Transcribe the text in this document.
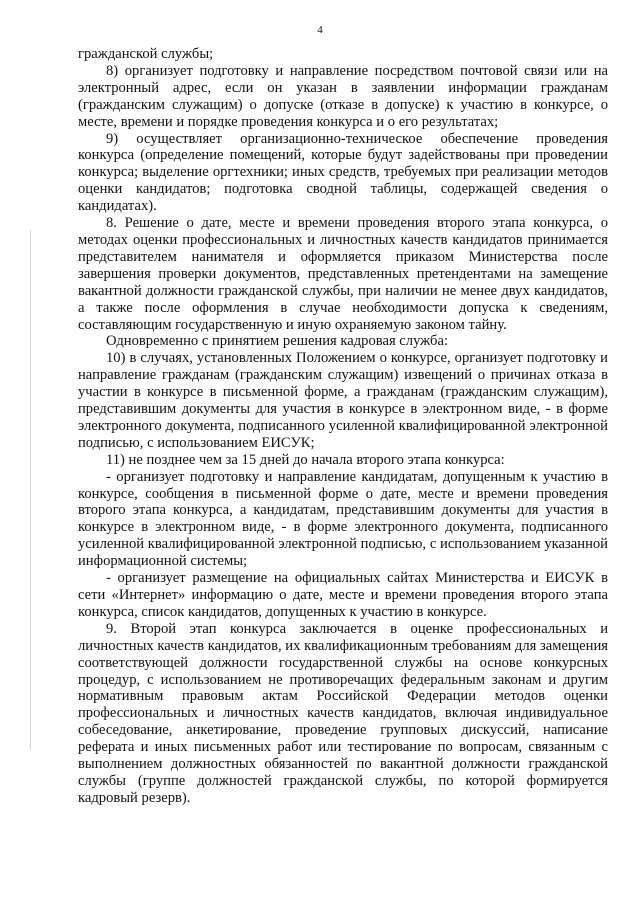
4

гражданской службы;

8) организует подготовку и направление посредством почтовой связи или на электронный адрес, если он указан в заявлении информации гражданам (гражданским служащим) о допуске (отказе в допуске) к участию в конкурсе, о месте, времени и порядке проведения конкурса и о его результатах;

9) осуществляет организационно-техническое обеспечение проведения конкурса (определение помещений, которые будут задействованы при проведении конкурса; выделение оргтехники; иных средств, требуемых при реализации методов оценки кандидатов; подготовка сводной таблицы, содержащей сведения о кандидатах).

8. Решение о дате, месте и времени проведения второго этапа конкурса, о методах оценки профессиональных и личностных качеств кандидатов принимается представителем нанимателя и оформляется приказом Министерства после завершения проверки документов, представленных претендентами на замещение вакантной должности гражданской службы, при наличии не менее двух кандидатов, а также после оформления в случае необходимости допуска к сведениям, составляющим государственную и иную охраняемую законом тайну.

Одновременно с принятием решения кадровая служба:

10) в случаях, установленных Положением о конкурсе, организует подготовку и направление гражданам (гражданским служащим) извещений о причинах отказа в участии в конкурсе в письменной форме, а гражданам (гражданским служащим), представившим документы для участия в конкурсе в электронном виде, - в форме электронного документа, подписанного усиленной квалифицированной электронной подписью, с использованием ЕИСУК;

11) не позднее чем за 15 дней до начала второго этапа конкурса:

- организует подготовку и направление кандидатам, допущенным к участию в конкурсе, сообщения в письменной форме о дате, месте и времени проведения второго этапа конкурса, а кандидатам, представившим документы для участия в конкурсе в электронном виде, - в форме электронного документа, подписанного усиленной квалифицированной электронной подписью, с использованием указанной информационной системы;

- организует размещение на официальных сайтах Министерства и ЕИСУК в сети «Интернет» информацию о дате, месте и времени проведения второго этапа конкурса, список кандидатов, допущенных к участию в конкурсе.

9. Второй этап конкурса заключается в оценке профессиональных и личностных качеств кандидатов, их квалификационным требованиям для замещения соответствующей должности государственной службы на основе конкурсных процедур, с использованием не противоречащих федеральным законам и другим нормативным правовым актам Российской Федерации методов оценки профессиональных и личностных качеств кандидатов, включая индивидуальное собеседование, анкетирование, проведение групповых дискуссий, написание реферата и иных письменных работ или тестирование по вопросам, связанным с выполнением должностных обязанностей по вакантной должности гражданской службы (группе должностей гражданской службы, по которой формируется кадровый резерв).
